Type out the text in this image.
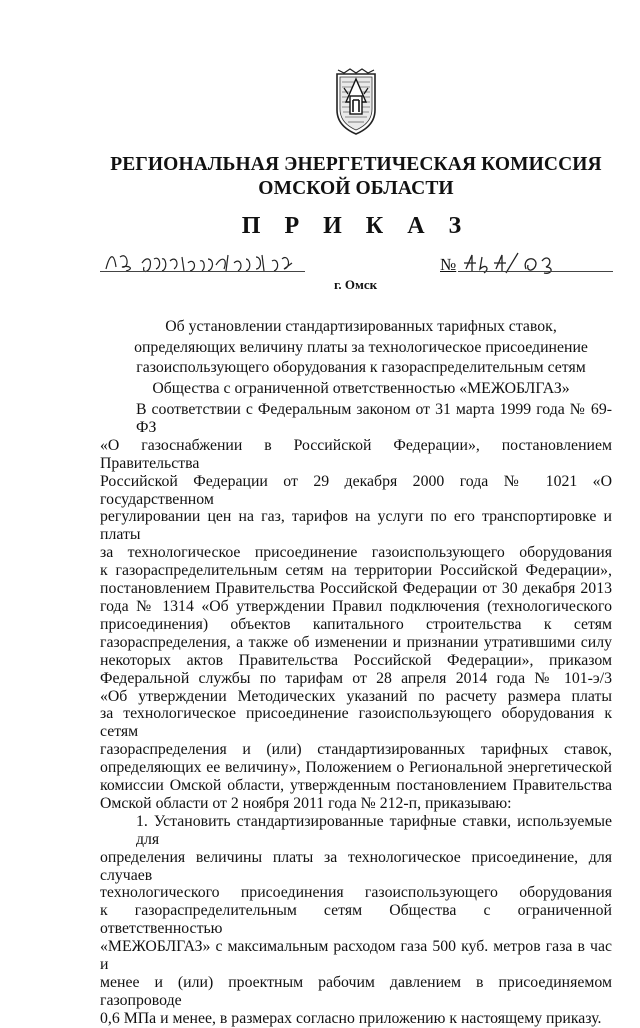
РЕГИОНАЛЬНАЯ ЭНЕРГЕТИЧЕСКАЯ КОМИССИЯ
ОМСКОЙ ОБЛАСТИ
П Р И К А З
№
г. Омск
Об установлении стандартизированных тарифных ставок,
определяющих величину платы за технологическое присоединение
газоиспользующего оборудования к газораспределительным сетям
Общества с ограниченной ответственностью «МЕЖОБЛГАЗ»
В соответствии с Федеральным законом от 31 марта 1999 года № 69-ФЗ
«О газоснабжении в Российской Федерации», постановлением Правительства
Российской Федерации от 29 декабря 2000 года № 1021 «О государственном
регулировании цен на газ, тарифов на услуги по его транспортировке и платы
за технологическое присоединение газоиспользующего оборудования
к газораспределительным сетям на территории Российской Федерации»,
постановлением Правительства Российской Федерации от 30 декабря 2013
года № 1314 «Об утверждении Правил подключения (технологического
присоединения) объектов капитального строительства к сетям
газораспределения, а также об изменении и признании утратившими силу
некоторых актов Правительства Российской Федерации», приказом
Федеральной службы по тарифам от 28 апреля 2014 года № 101-э/3
«Об утверждении Методических указаний по расчету размера платы
за технологическое присоединение газоиспользующего оборудования к сетям
газораспределения и (или) стандартизированных тарифных ставок,
определяющих ее величину», Положением о Региональной энергетической
комиссии Омской области, утвержденным постановлением Правительства
Омской области от 2 ноября 2011 года № 212-п, приказываю:
1. Установить стандартизированные тарифные ставки, используемые для
определения величины платы за технологическое присоединение, для случаев
технологического присоединения газоиспользующего оборудования
к газораспределительным сетям Общества с ограниченной ответственностью
«МЕЖОБЛГАЗ» с максимальным расходом газа 500 куб. метров газа в час и
менее и (или) проектным рабочим давлением в присоединяемом газопроводе
0,6 МПа и менее, в размерах согласно приложению к настоящему приказу.
